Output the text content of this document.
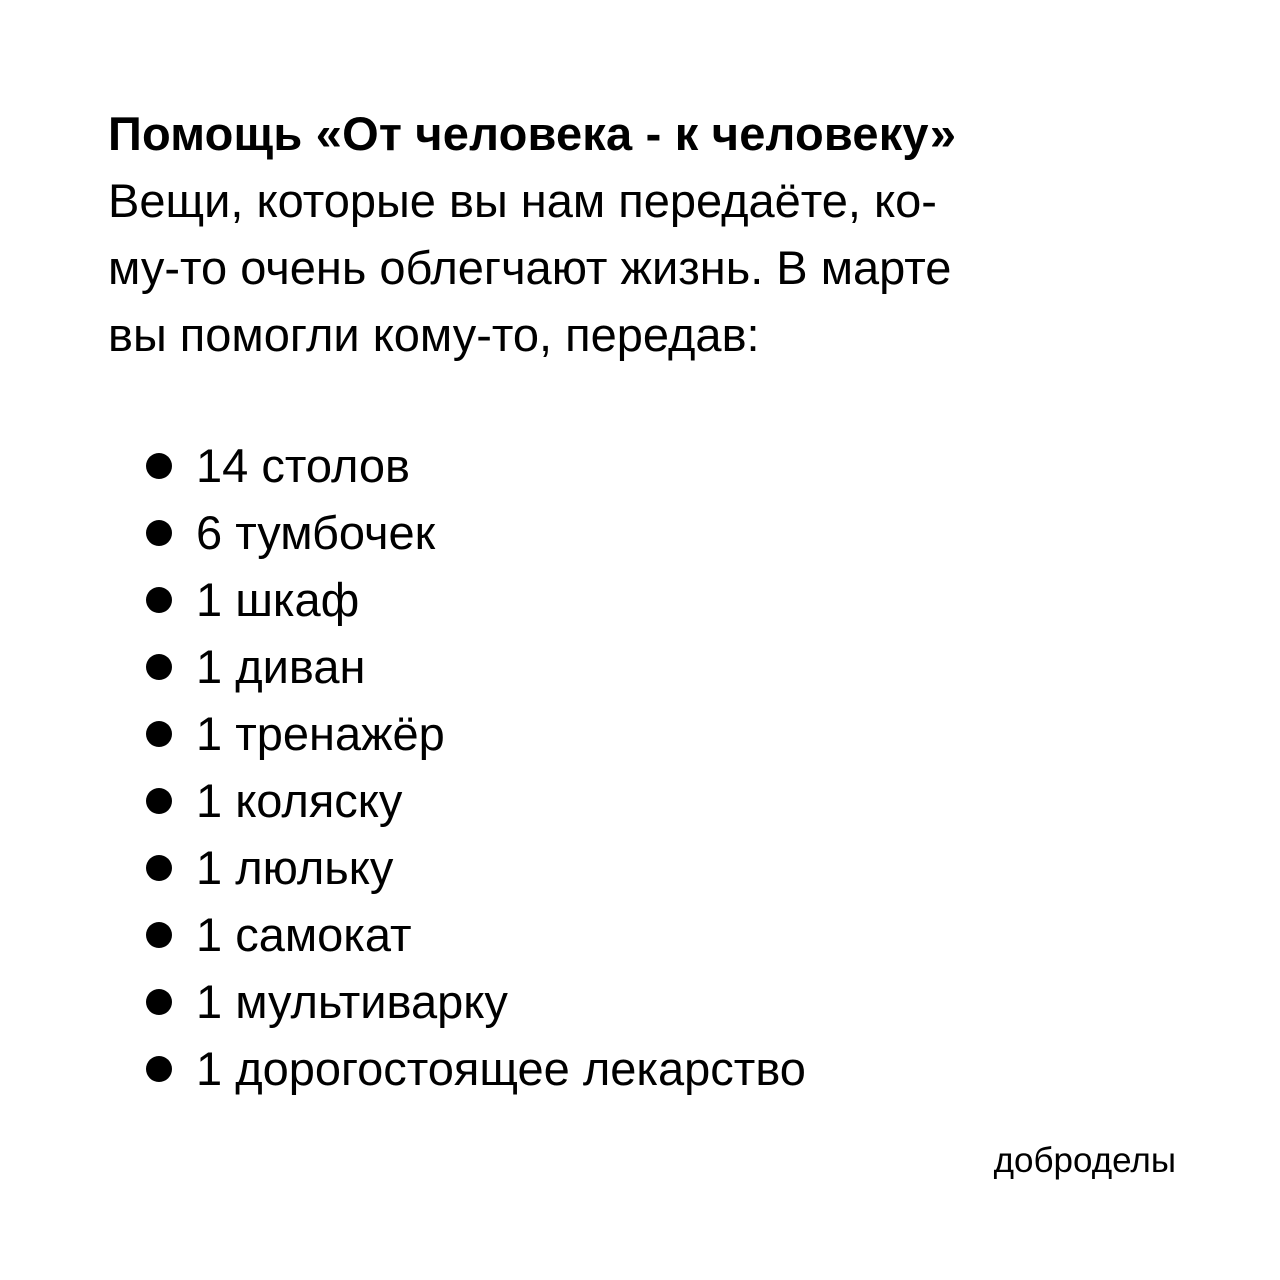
Помощь «От человека - к человеку»

Вещи, которые вы нам передаёте, ко-
му-то очень облегчают жизнь. В марте
вы помогли кому-то, передав:

14 столов
6 тумбочек
1 шкаф
1 диван
1 тренажёр
1 коляску
1 люльку
1 самокат
1 мультиварку
1 дорогостоящее лекарство
доброделы
